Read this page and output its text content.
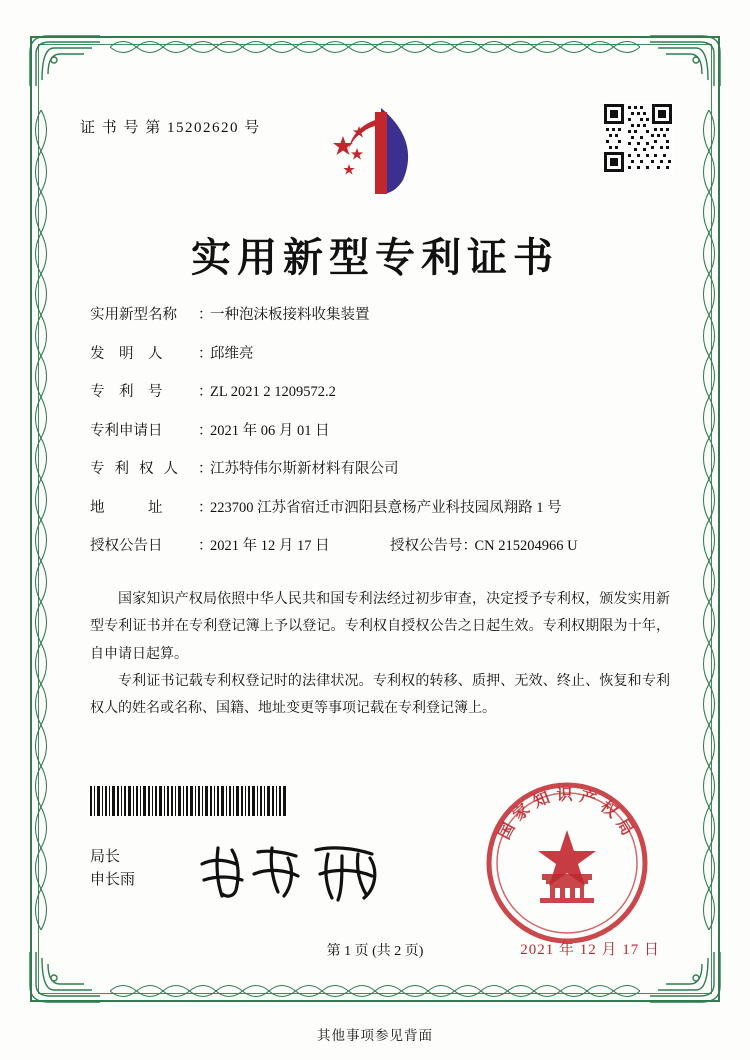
证 书 号 第 15202620 号
实用新型专利证书
实用新型名称	：
一种泡沫板接料收集装置
发　明　人	：
邱维亮
专　利　号	：
ZL 2021 2 1209572.2
专利申请日	：
2021 年 06 月 01 日
专利权人 ：
江苏特伟尔斯新材料有限公司
地　　　址	：
223700 江苏省宿迁市泗阳县意杨产业科技园凤翔路 1 号
授权公告日	：
2021 年 12 月 17 日	授权公告号 ：
CN 215204966 U

国家知识产权局依照中华人民共和国专利法经过初步审查，决定授予专利权，颁发实用新型专利证书并在专利登记簿上予以登记。专利权自授权公告之日起生效。专利权期限为十年，自申请日起算。

专利证书记载专利权登记时的法律状况。专利权的转移、质押、无效、终止、恢复和专利权人的姓名或名称、国籍、地址变更等事项记载在专利登记簿上。

局长
申长雨
国
家
知 识 产
权
局
2021 年 12 月 17 日
第 1 页 (共 2 页)
其他事项参见背面
